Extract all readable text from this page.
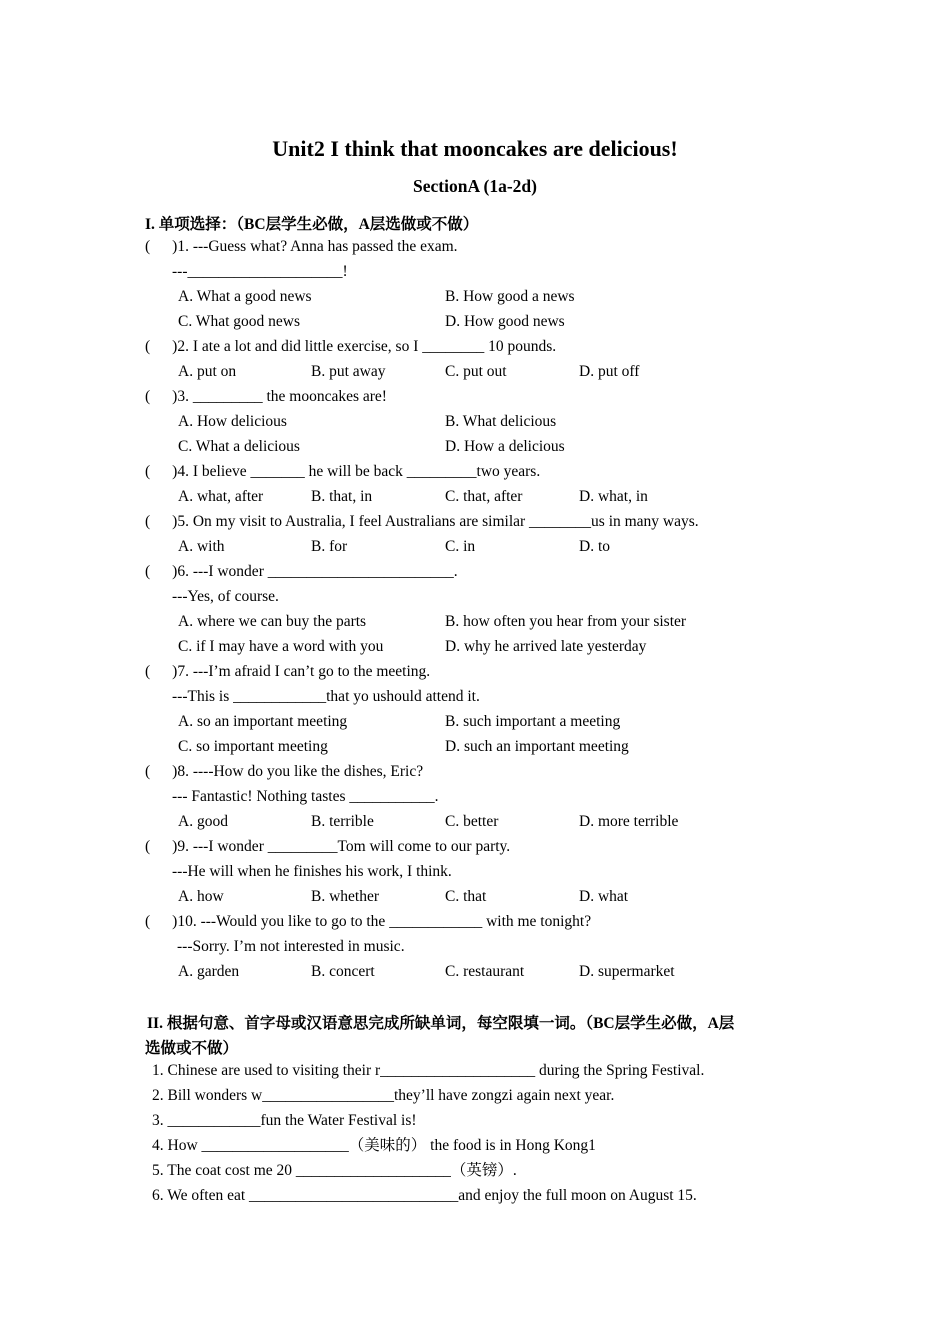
Unit2 I think that mooncakes are delicious!
SectionA (1a-2d)
I. 单项选择：（BC层学生必做，A层选做或不做）
( )1. ---Guess what? Anna has passed the exam.
---____________________!
A. What a good news	B. How good a news
C. What good news	D. How good news
( )2. I ate a lot and did little exercise, so I ________ 10 pounds.
A. put on	B. put away	C. put out	D. put off
( )3. _________ the mooncakes are!
A. How delicious	B. What delicious
C. What a delicious	D. How a delicious
( )4. I believe _______ he will be back _________two years.
A. what, after	B. that, in	C. that, after	D. what, in
( )5. On my visit to Australia, I feel Australians are similar ________us in many ways.
A. with	B. for	C. in	D. to
( )6. ---I wonder ________________________.
---Yes, of course.
A. where we can buy the parts	B. how often you hear from your sister
C. if I may have a word with you	D. why he arrived late yesterday
( )7. ---I’m afraid I can’t go to the meeting.
---This is ____________that yo ushould attend it.
A. so an important meeting	B. such important a meeting
C. so important meeting	D. such an important meeting
( )8. ----How do you like the dishes, Eric?
--- Fantastic! Nothing tastes ___________.
A. good	B. terrible	C. better	D. more terrible
( )9. ---I wonder _________Tom will come to our party.
---He will when he finishes his work, I think.
A. how	B. whether	C. that	D. what
( )10. ---Would you like to go to the ____________ with me tonight?
---Sorry. I’m not interested in music.
A. garden	B. concert	C. restaurant	D. supermarket
II. 根据句意、首字母或汉语意思完成所缺单词，每空限填一词。（BC层学生必做，A层
选做或不做）
1. Chinese are used to visiting their r____________________ during the Spring Festival.
2. Bill wonders w_________________they’ll have zongzi again next year.
3. ____________fun the Water Festival is!
4. How ___________________（美味的） the food is in Hong Kong1
5. The coat cost me 20 ____________________（英镑）.
6. We often eat ___________________________and enjoy the full moon on August 15.
